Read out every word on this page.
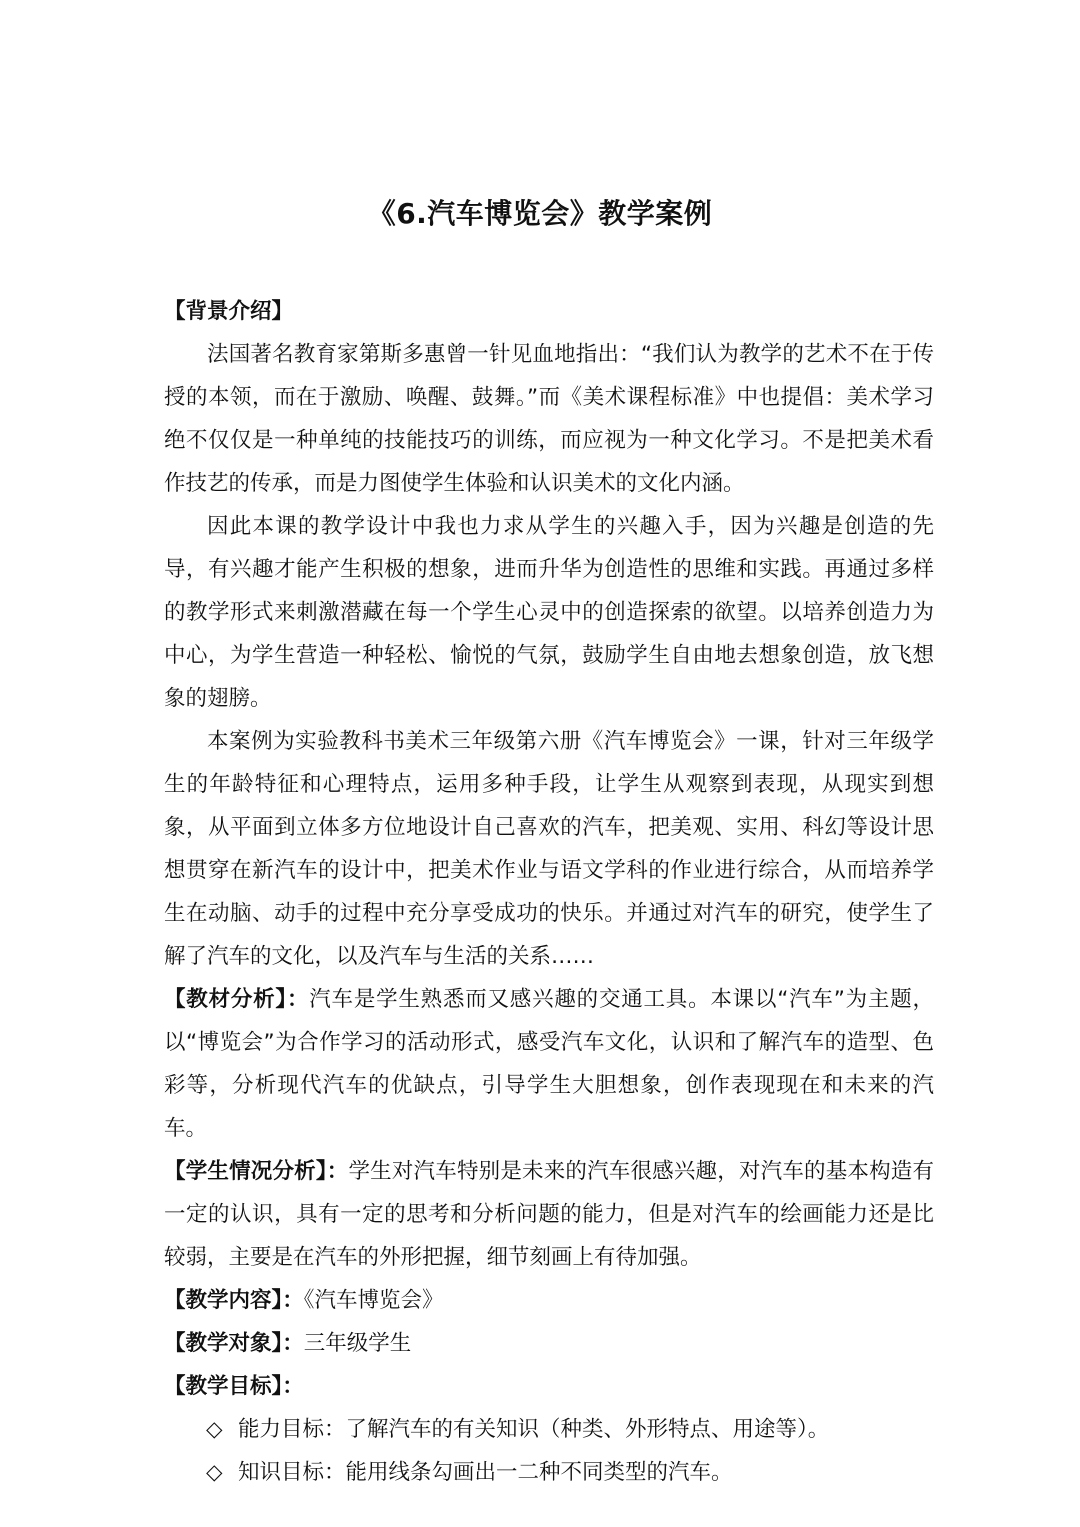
《6.汽车博览会》教学案例

【背景介绍】

法国著名教育家第斯多惠曾一针见血地指出：“我们认为教学的艺术不在于传授的本领，而在于激励、唤醒、鼓舞。”而《美术课程标准》中也提倡：美术学习绝不仅仅是一种单纯的技能技巧的训练，而应视为一种文化学习。不是把美术看作技艺的传承，而是力图使学生体验和认识美术的文化内涵。

因此本课的教学设计中我也力求从学生的兴趣入手，因为兴趣是创造的先导，有兴趣才能产生积极的想象，进而升华为创造性的思维和实践。再通过多样的教学形式来刺激潜藏在每一个学生心灵中的创造探索的欲望。以培养创造力为中心，为学生营造一种轻松、愉悦的气氛，鼓励学生自由地去想象创造，放飞想象的翅膀。

本案例为实验教科书美术三年级第六册《汽车博览会》一课，针对三年级学生的年龄特征和心理特点，运用多种手段，让学生从观察到表现，从现实到想象，从平面到立体多方位地设计自己喜欢的汽车，把美观、实用、科幻等设计思想贯穿在新汽车的设计中，把美术作业与语文学科的作业进行综合，从而培养学生在动脑、动手的过程中充分享受成功的快乐。并通过对汽车的研究，使学生了解了汽车的文化，以及汽车与生活的关系……

【教材分析】：汽车是学生熟悉而又感兴趣的交通工具。本课以“汽车”为主题，以“博览会”为合作学习的活动形式，感受汽车文化，认识和了解汽车的造型、色彩等，分析现代汽车的优缺点，引导学生大胆想象，创作表现现在和未来的汽车。

【学生情况分析】：学生对汽车特别是未来的汽车很感兴趣，对汽车的基本构造有一定的认识，具有一定的思考和分析问题的能力，但是对汽车的绘画能力还是比较弱，主要是在汽车的外形把握，细节刻画上有待加强。

【教学内容】：《汽车博览会》

【教学对象】：三年级学生

【教学目标】：

◇ 能力目标：了解汽车的有关知识（种类、外形特点、用途等）。

◇ 知识目标：能用线条勾画出一二种不同类型的汽车。
